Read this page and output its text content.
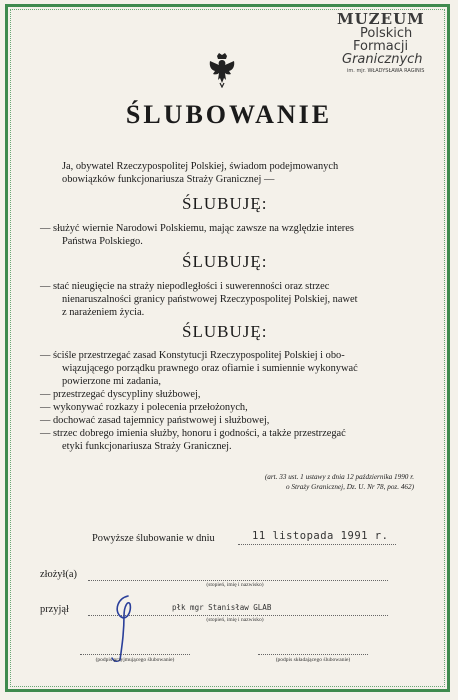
MUZEUM
Polskich
Formacji
Granicznych
im. mjr. WŁADYSŁAWA RAGINIS
ŚLUBOWANIE
Ja, obywatel Rzeczypospolitej Polskiej, świadom podejmowanych
obowiązków funkcjonariusza Straży Granicznej —
ŚLUBUJĘ:
— służyć wiernie Narodowi Polskiemu, mając zawsze na względzie interes
Państwa Polskiego.
ŚLUBUJĘ:
— stać nieugięcie na straży niepodległości i suwerenności oraz strzec
nienaruszalności granicy państwowej Rzeczypospolitej Polskiej, nawet
z narażeniem życia.
ŚLUBUJĘ:
— ściśle przestrzegać zasad Konstytucji Rzeczypospolitej Polskiej i obo-
wiązującego porządku prawnego oraz ofiarnie i sumiennie wykonywać
powierzone mi zadania,
— przestrzegać dyscypliny służbowej,
— wykonywać rozkazy i polecenia przełożonych,
— dochować zasad tajemnicy państwowej i służbowej,
— strzec dobrego imienia służby, honoru i godności, a także przestrzegać
etyki funkcjonariusza Straży Granicznej.
(art. 33 ust. 1 ustawy z dnia 12 października 1990 r.
o Straży Granicznej, Dz. U. Nr 78, poz. 462)
Powyższe ślubowanie w dniu	11 listopada 1991 r.
złożył(a)
(stopień, imię i nazwisko)
przyjął	płk mgr Stanisław GLAB
(stopień, imię i nazwisko)
(podpis przyjmującego ślubowanie)	(podpis składającego ślubowanie)
